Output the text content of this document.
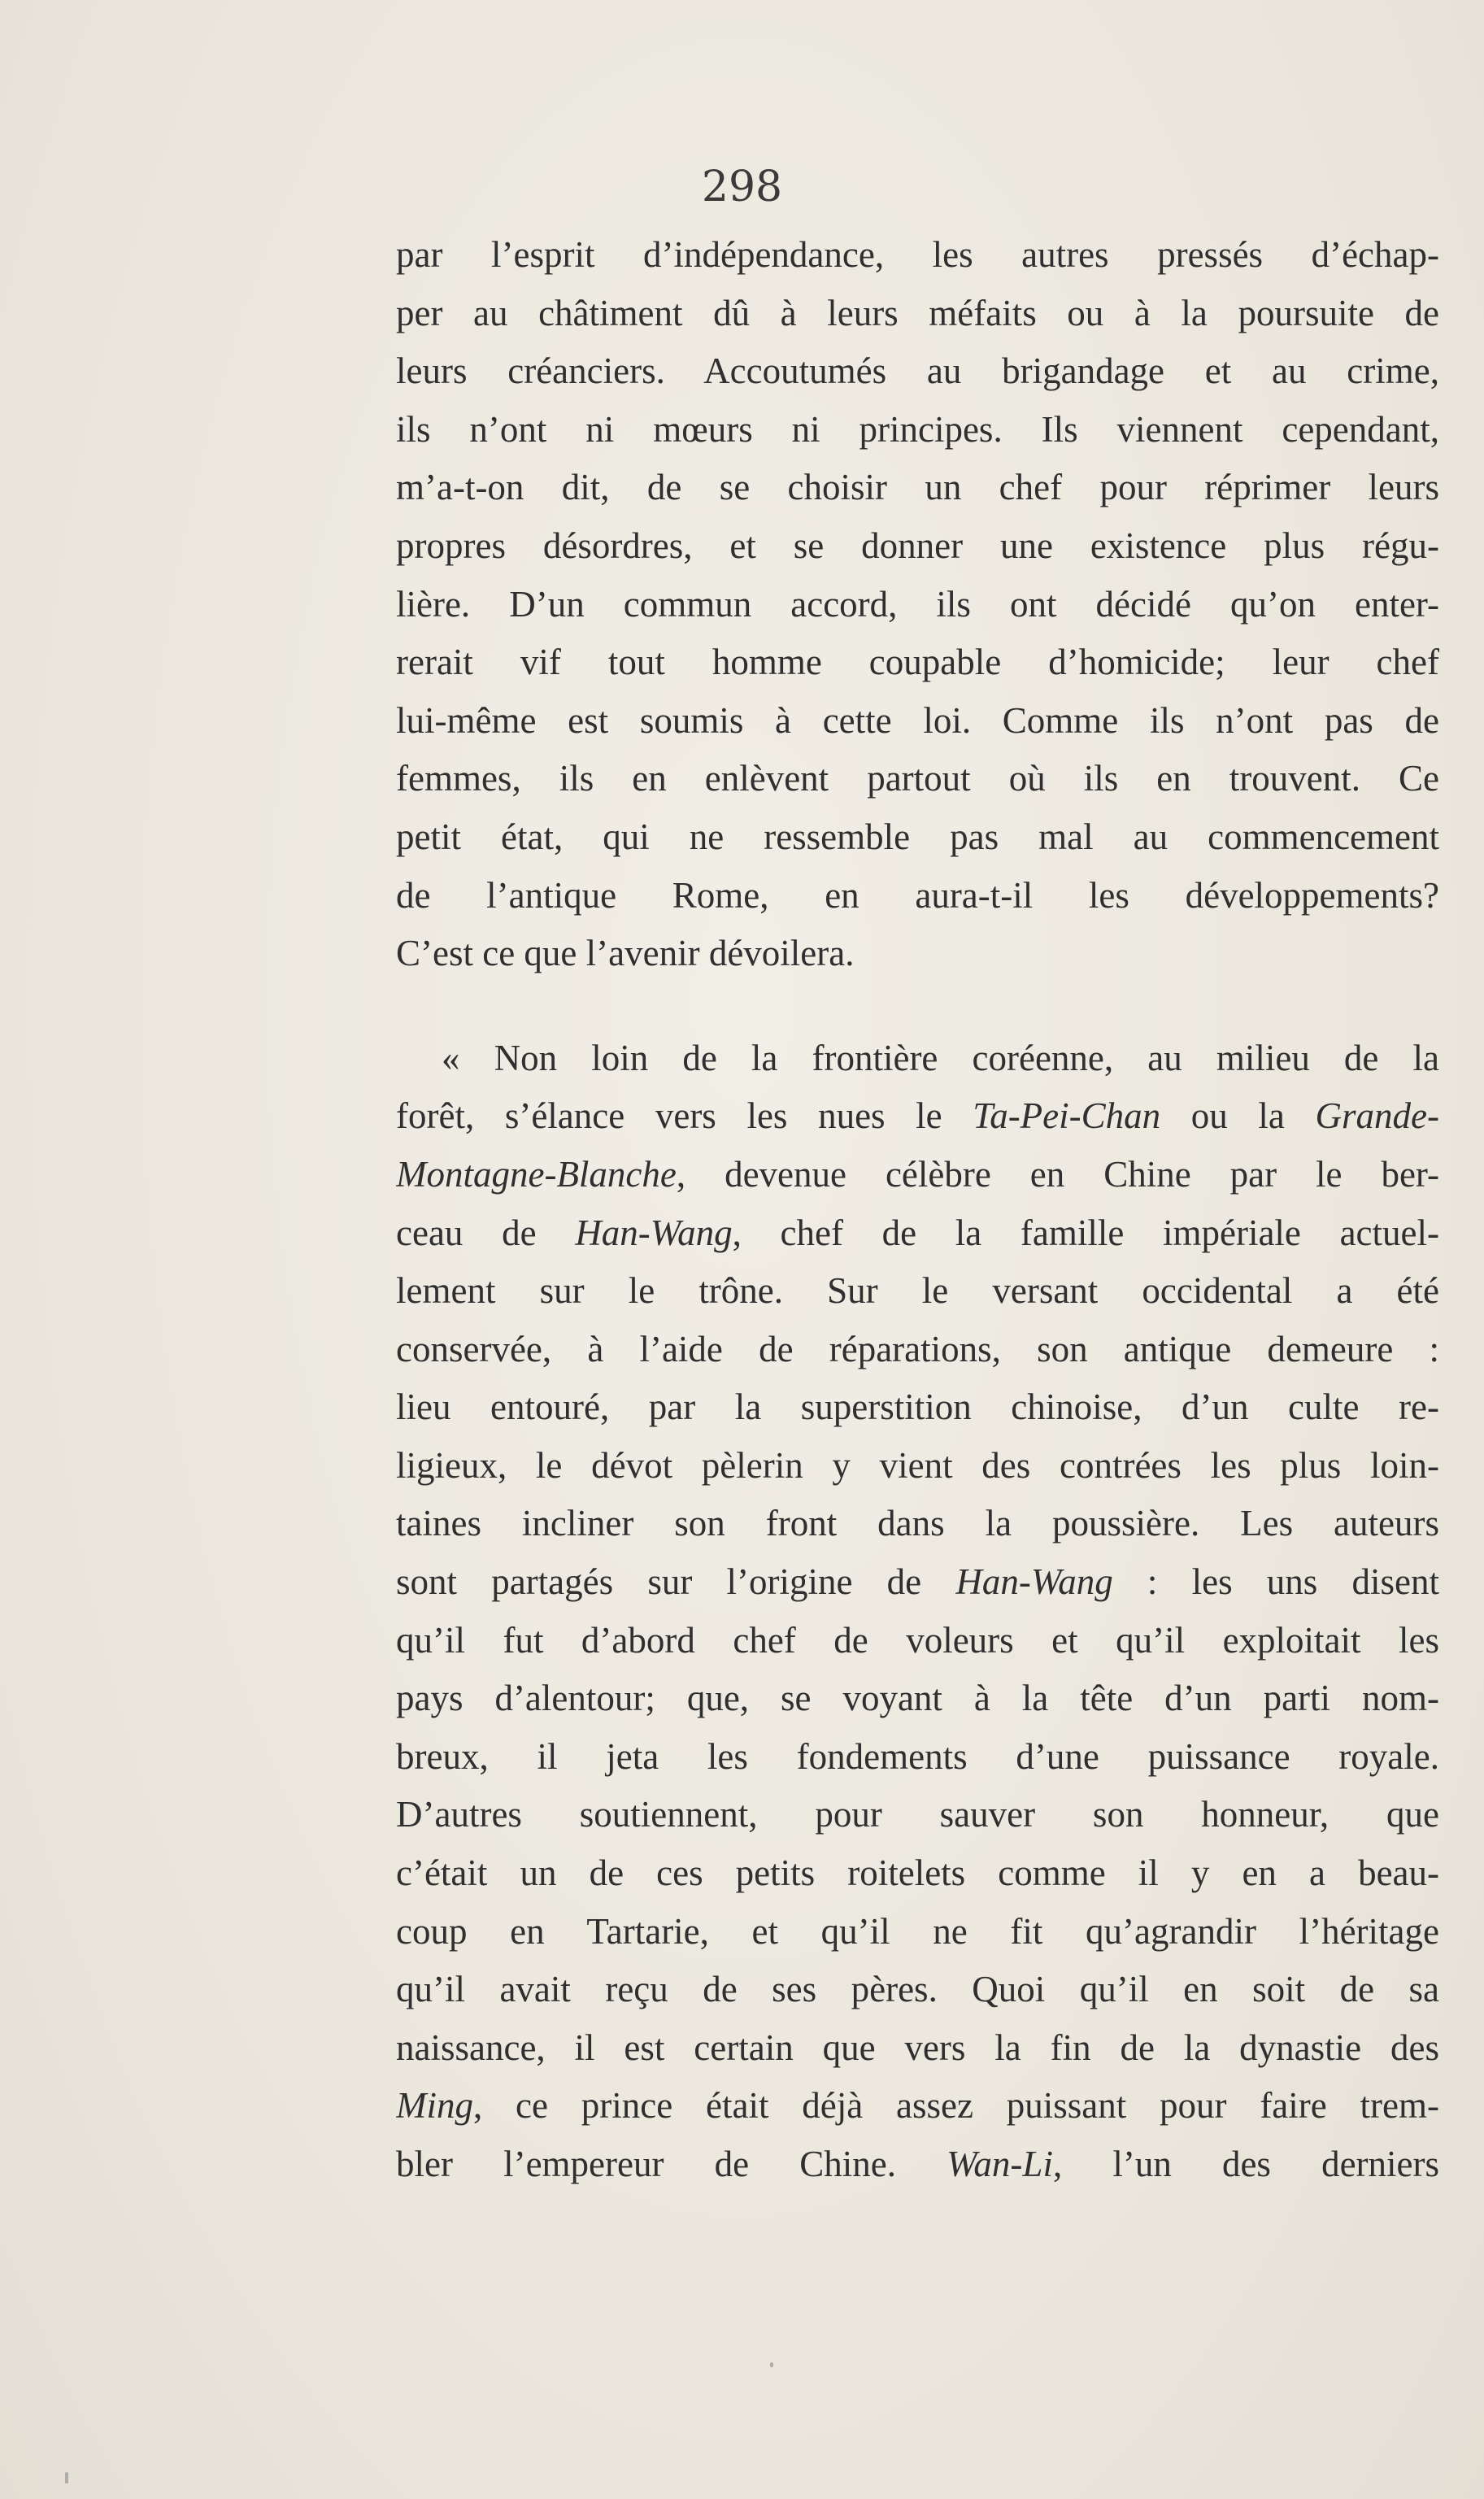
298
par l’esprit d’indépendance, les autres pressés d’échap-
per au châtiment dû à leurs méfaits ou à la poursuite de
leurs créanciers. Accoutumés au brigandage et au crime,
ils n’ont ni mœurs ni principes. Ils viennent cependant,
m’a-t-on dit, de se choisir un chef pour réprimer leurs
propres désordres, et se donner une existence plus régu-
lière. D’un commun accord, ils ont décidé qu’on enter-
rerait vif tout homme coupable d’homicide; leur chef
lui-même est soumis à cette loi. Comme ils n’ont pas de
femmes, ils en enlèvent partout où ils en trouvent. Ce
petit état, qui ne ressemble pas mal au commencement
de l’antique Rome, en aura-t-il les développements?
C’est ce que l’avenir dévoilera.
« Non loin de la frontière coréenne, au milieu de la
forêt, s’élance vers les nues le Ta-Pei-Chan ou la Grande-
Montagne-Blanche, devenue célèbre en Chine par le ber-
ceau de Han-Wang, chef de la famille impériale actuel-
lement sur le trône. Sur le versant occidental a été
conservée, à l’aide de réparations, son antique demeure :
lieu entouré, par la superstition chinoise, d’un culte re-
ligieux, le dévot pèlerin y vient des contrées les plus loin-
taines incliner son front dans la poussière. Les auteurs
sont partagés sur l’origine de Han-Wang : les uns disent
qu’il fut d’abord chef de voleurs et qu’il exploitait les
pays d’alentour; que, se voyant à la tête d’un parti nom-
breux, il jeta les fondements d’une puissance royale.
D’autres soutiennent, pour sauver son honneur, que
c’était un de ces petits roitelets comme il y en a beau-
coup en Tartarie, et qu’il ne fit qu’agrandir l’héritage
qu’il avait reçu de ses pères. Quoi qu’il en soit de sa
naissance, il est certain que vers la fin de la dynastie des
Ming, ce prince était déjà assez puissant pour faire trem-
bler l’empereur de Chine. Wan-Li, l’un des derniers
